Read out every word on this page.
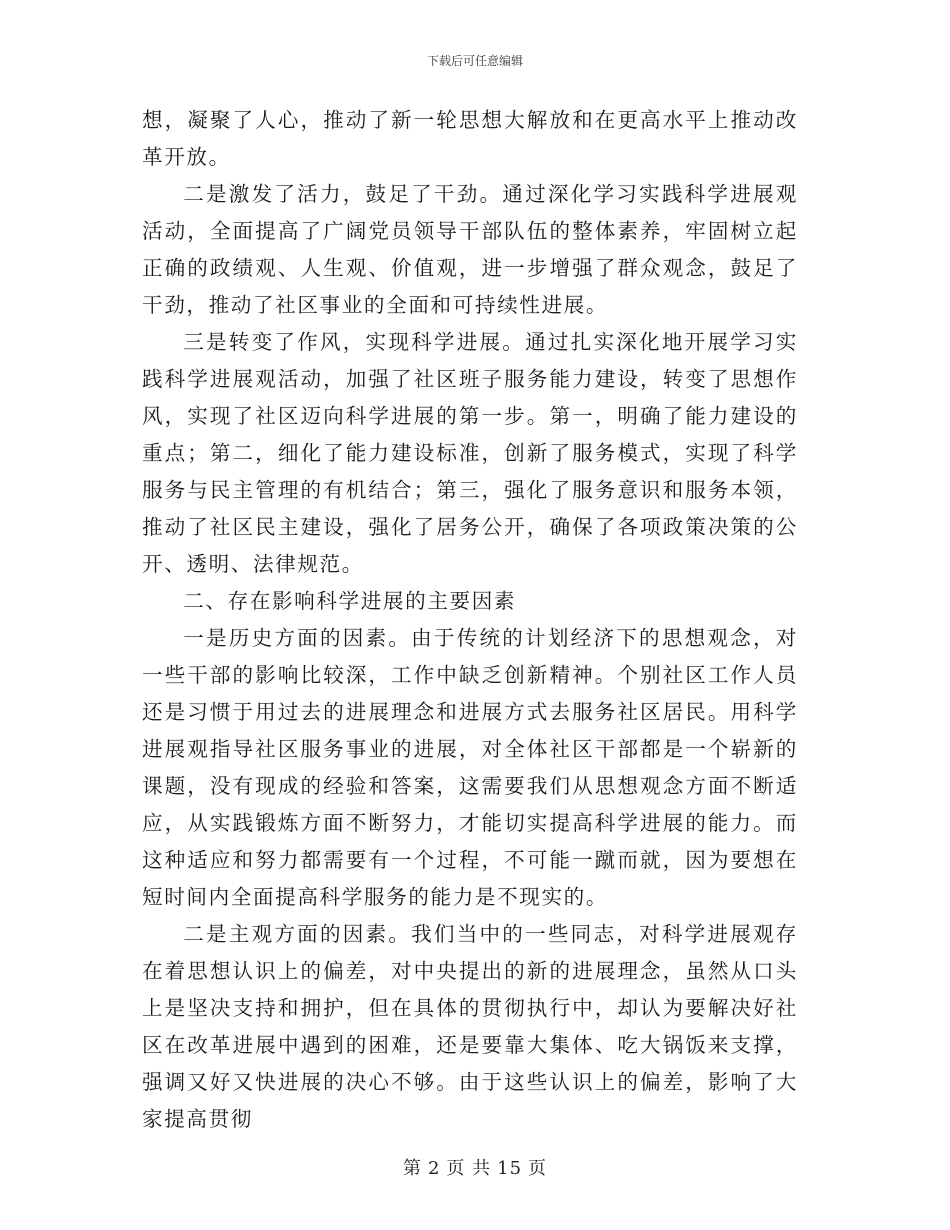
下载后可任意编辑

想，凝聚了人心，推动了新一轮思想大解放和在更高水平上推动改革开放。

二是激发了活力，鼓足了干劲。通过深化学习实践科学进展观活动，全面提高了广阔党员领导干部队伍的整体素养，牢固树立起正确的政绩观、人生观、价值观，进一步增强了群众观念，鼓足了干劲，推动了社区事业的全面和可持续性进展。

三是转变了作风，实现科学进展。通过扎实深化地开展学习实践科学进展观活动，加强了社区班子服务能力建设，转变了思想作风，实现了社区迈向科学进展的第一步。第一，明确了能力建设的重点；第二，细化了能力建设标准，创新了服务模式，实现了科学服务与民主管理的有机结合；第三，强化了服务意识和服务本领，推动了社区民主建设，强化了居务公开，确保了各项政策决策的公开、透明、法律规范。

二、存在影响科学进展的主要因素

一是历史方面的因素。由于传统的计划经济下的思想观念，对一些干部的影响比较深，工作中缺乏创新精神。个别社区工作人员还是习惯于用过去的进展理念和进展方式去服务社区居民。用科学进展观指导社区服务事业的进展，对全体社区干部都是一个崭新的课题，没有现成的经验和答案，这需要我们从思想观念方面不断适应，从实践锻炼方面不断努力，才能切实提高科学进展的能力。而这种适应和努力都需要有一个过程，不可能一蹴而就，因为要想在短时间内全面提高科学服务的能力是不现实的。

二是主观方面的因素。我们当中的一些同志，对科学进展观存在着思想认识上的偏差，对中央提出的新的进展理念，虽然从口头上是坚决支持和拥护，但在具体的贯彻执行中，却认为要解决好社区在改革进展中遇到的困难，还是要靠大集体、吃大锅饭来支撑，强调又好又快进展的决心不够。由于这些认识上的偏差，影响了大家提高贯彻

第 2 页 共 15 页
